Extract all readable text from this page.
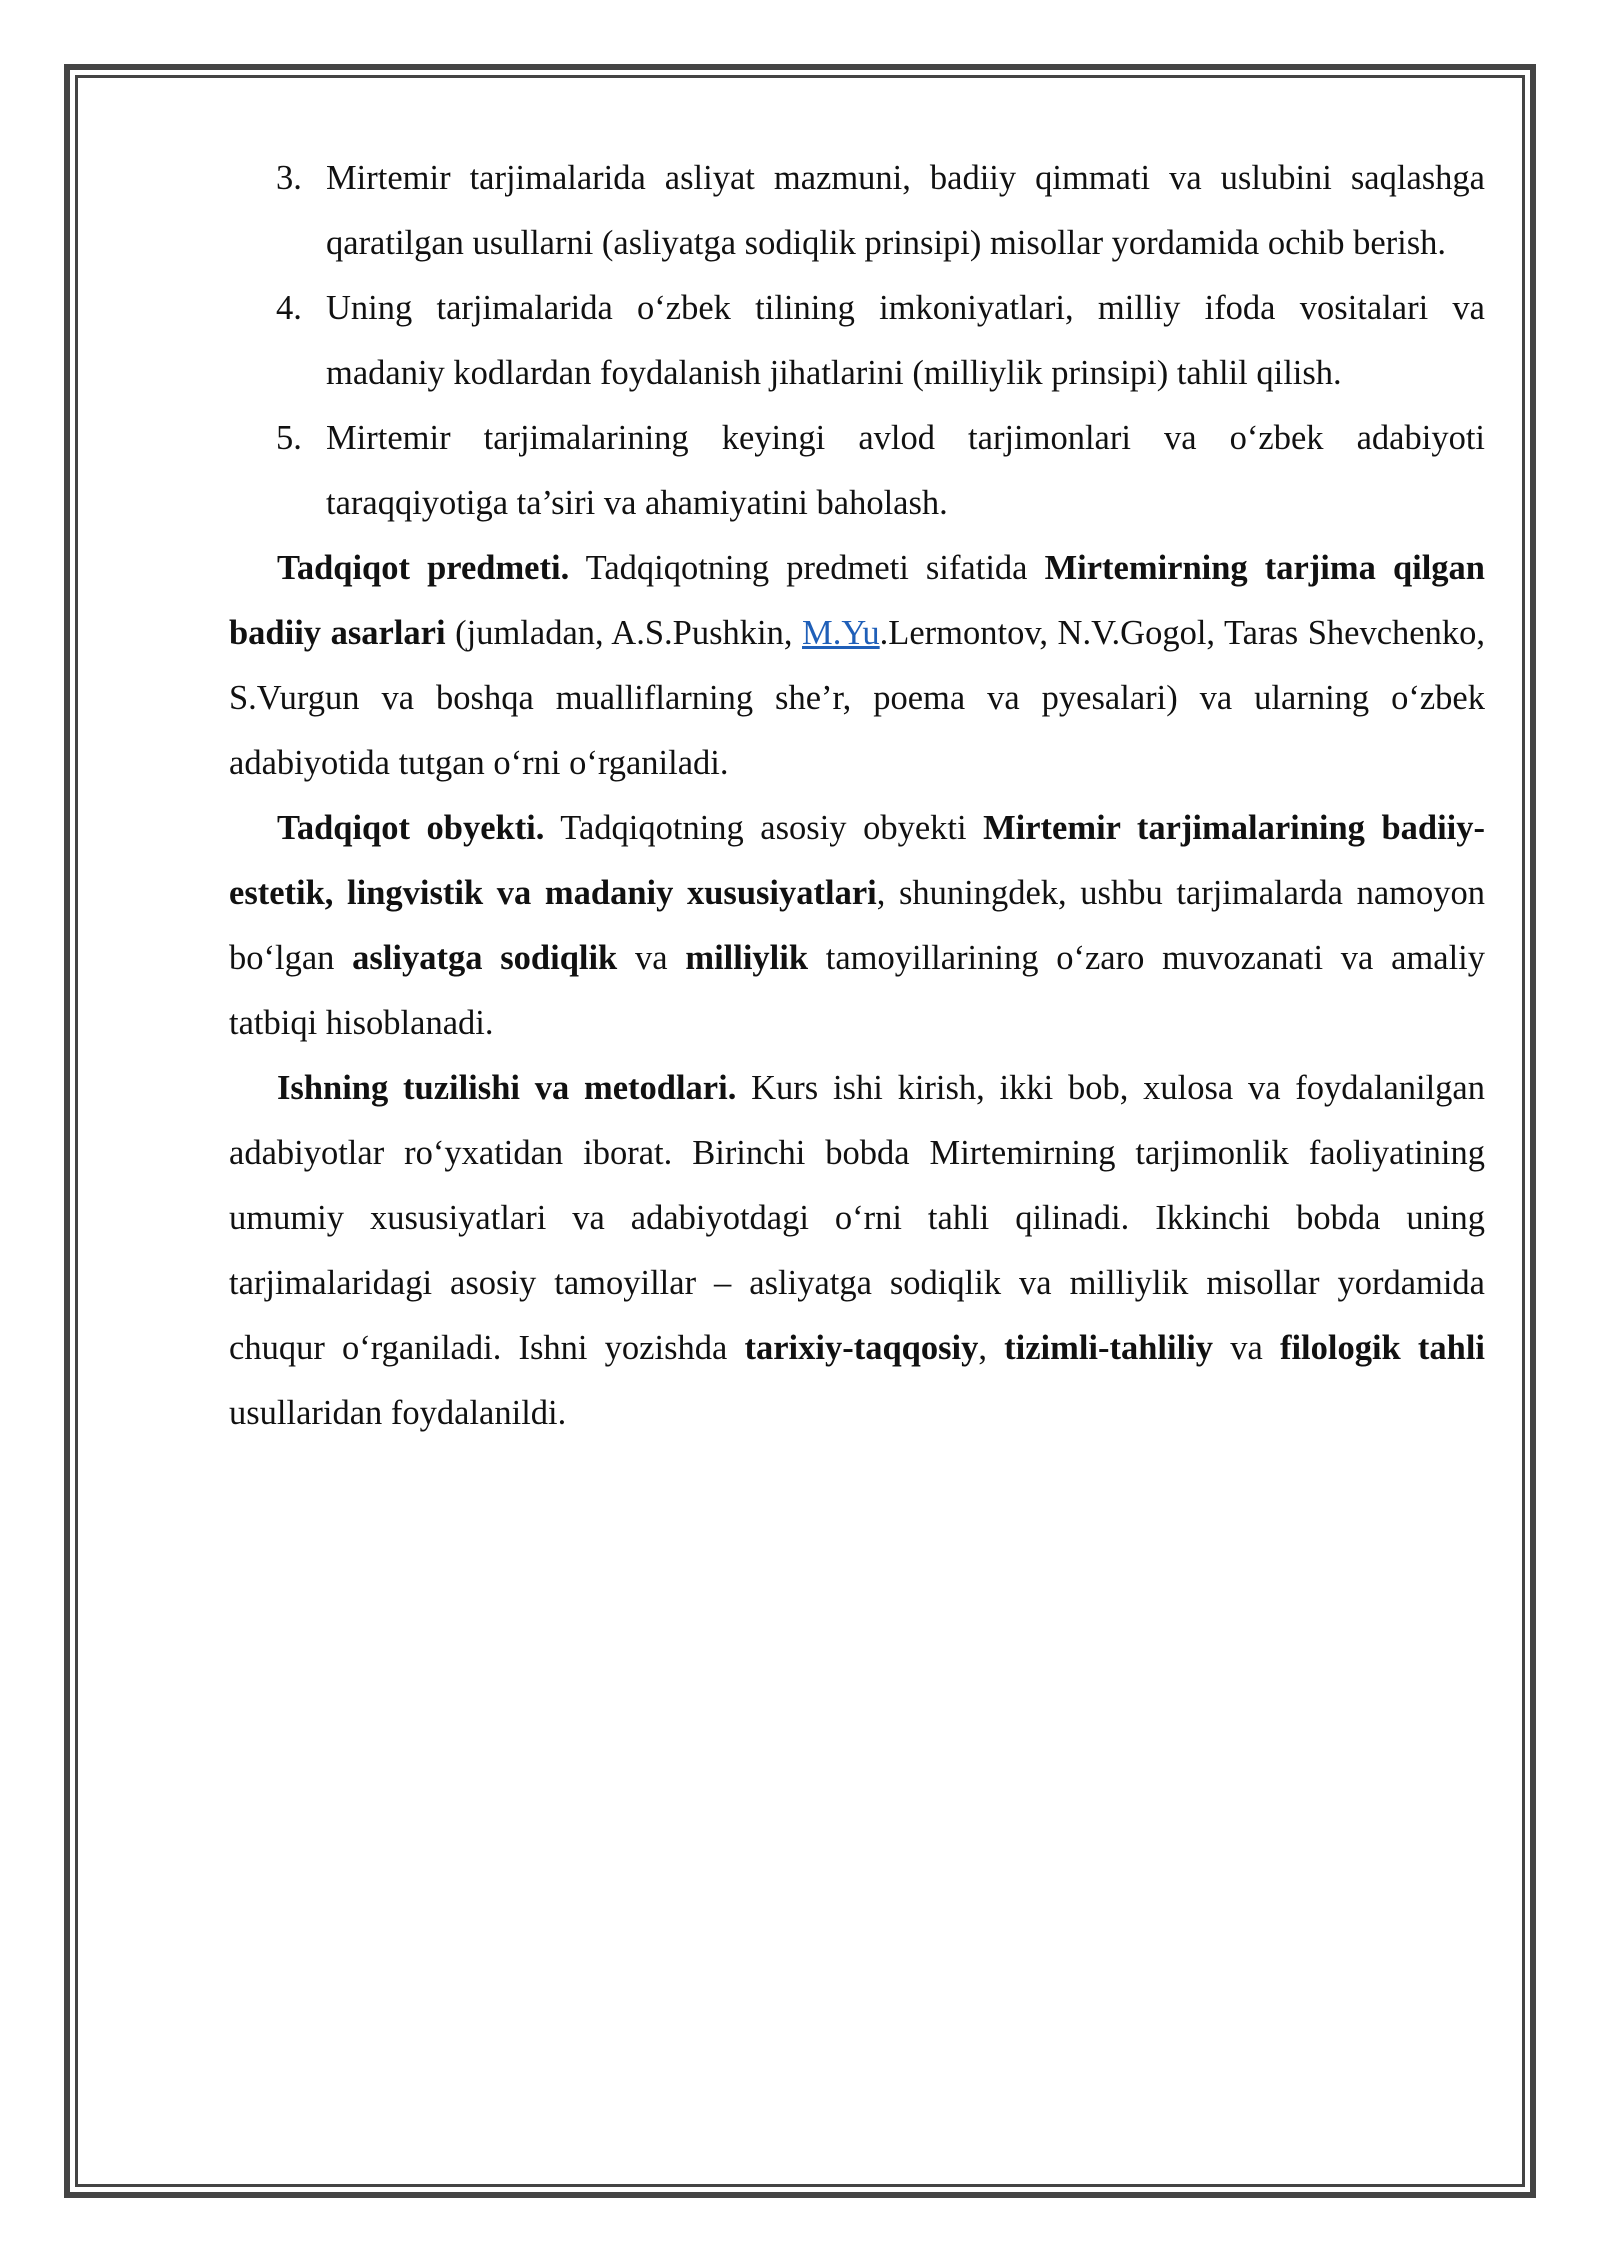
3. Mirtemir tarjimalarida asliyat mazmuni, badiiy qimmati va uslubini saqlashga qaratilgan usullarni (asliyatga sodiqlik prinsipi) misollar yordamida ochib berish.
4. Uning tarjimalarida o‘zbek tilining imkoniyatlari, milliy ifoda vositalari va madaniy kodlardan foydalanish jihatlarini (milliylik prinsipi) tahlil qilish.
5. Mirtemir tarjimalarining keyingi avlod tarjimonlari va o‘zbek adabiyoti taraqqiyotiga ta’siri va ahamiyatini baholash.

Tadqiqot predmeti. Tadqiqotning predmeti sifatida Mirtemirning tarjima qilgan badiiy asarlari (jumladan, A.S.Pushkin, M.Yu.Lermontov, N.V.Gogol, Taras Shevchenko, S.Vurgun va boshqa mualliflarning she’r, poema va pyesalari) va ularning o‘zbek adabiyotida tutgan o‘rni o‘rganiladi.

Tadqiqot obyekti. Tadqiqotning asosiy obyekti Mirtemir tarjimalarining badiiy-estetik, lingvistik va madaniy xususiyatlari, shuningdek, ushbu tarjimalarda namoyon bo‘lgan asliyatga sodiqlik va milliylik tamoyillarining o‘zaro muvozanati va amaliy tatbiqi hisoblanadi.

Ishning tuzilishi va metodlari. Kurs ishi kirish, ikki bob, xulosa va foydalanilgan adabiyotlar ro‘yxatidan iborat. Birinchi bobda Mirtemirning tarjimonlik faoliyatining umumiy xususiyatlari va adabiyotdagi o‘rni tahli qilinadi. Ikkinchi bobda uning tarjimalaridagi asosiy tamoyillar – asliyatga sodiqlik va milliylik misollar yordamida chuqur o‘rganiladi. Ishni yozishda tarixiy-taqqosiy, tizimli-tahliliy va filologik tahli usullaridan foydalanildi.
